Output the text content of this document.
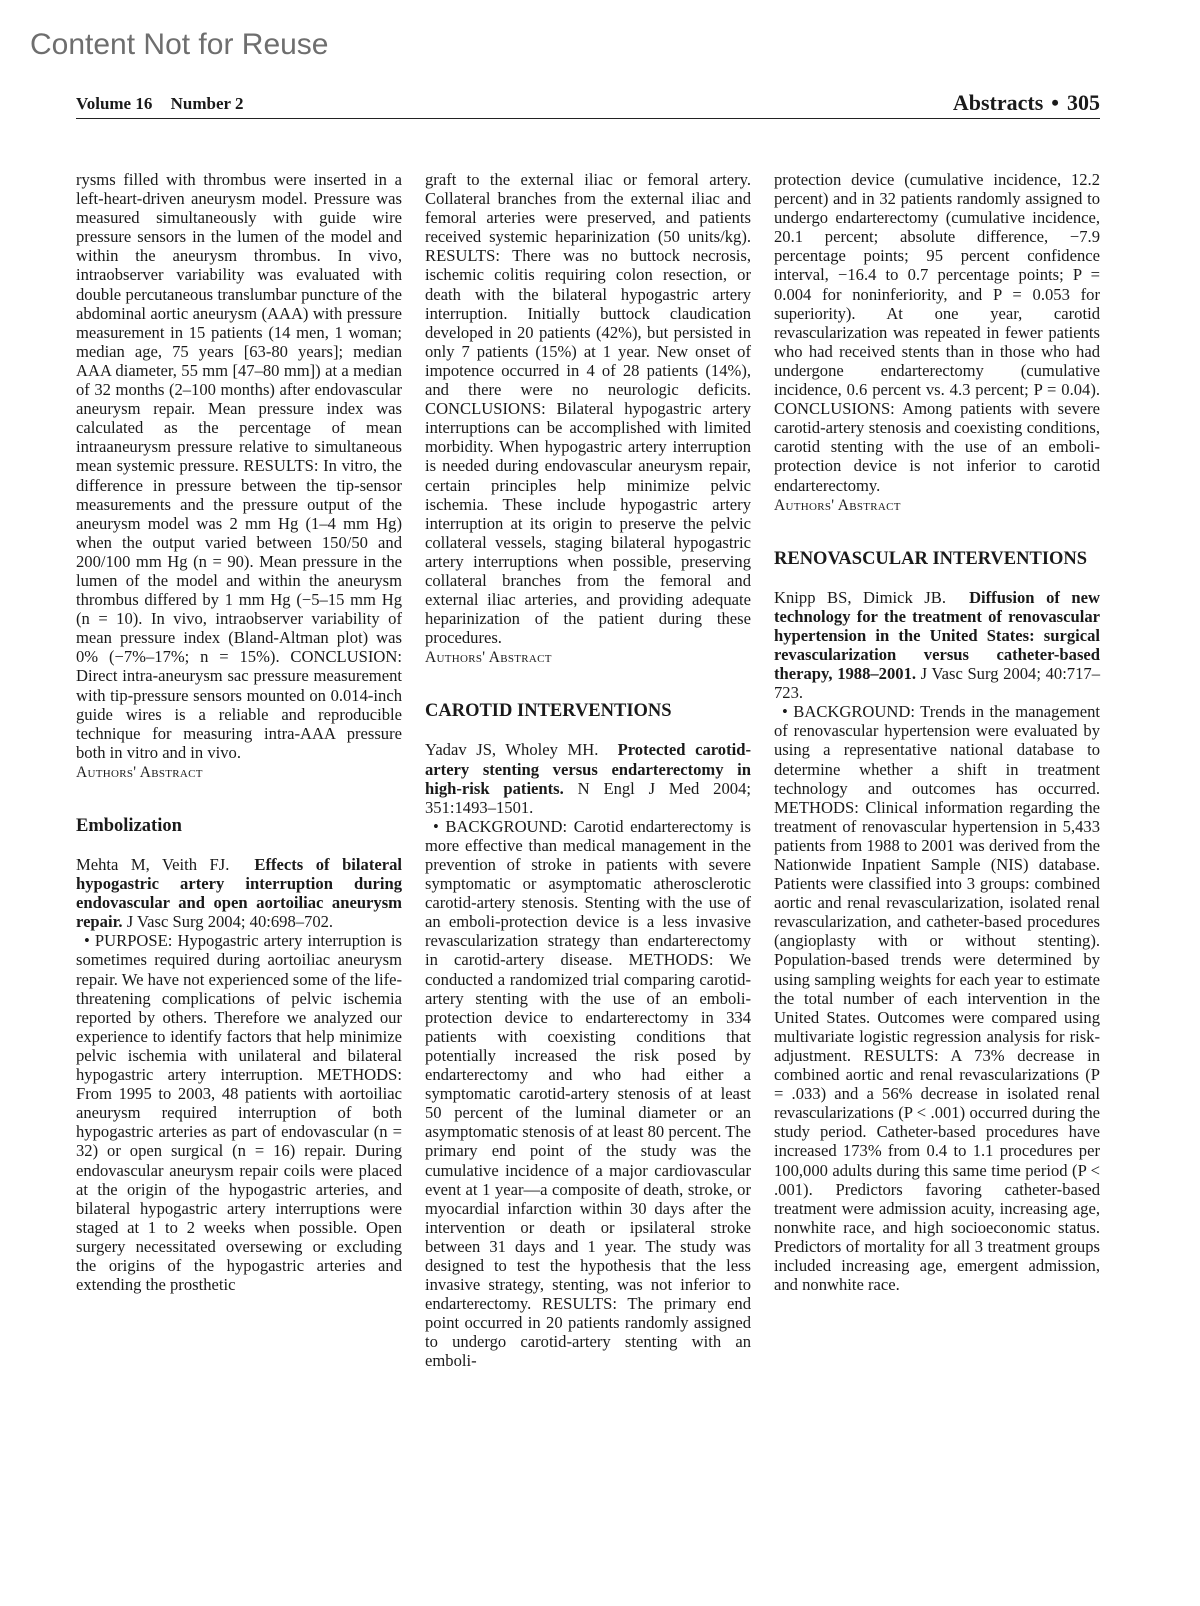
Content Not for Reuse
Volume 16 Number 2	Abstracts • 305

rysms filled with thrombus were inserted in a left-heart-driven aneurysm model. Pressure was measured simultaneously with guide wire pressure sensors in the lumen of the model and within the aneurysm thrombus. In vivo, intraobserver variability was evaluated with double percutaneous translumbar puncture of the abdominal aortic aneurysm (AAA) with pressure measurement in 15 patients (14 men, 1 woman; median age, 75 years [63-80 years]; median AAA diameter, 55 mm [47–80 mm]) at a median of 32 months (2–100 months) after endovascular aneurysm repair. Mean pressure index was calculated as the percentage of mean intraaneurysm pressure relative to simultaneous mean systemic pressure. RESULTS: In vitro, the difference in pressure between the tip-sensor measurements and the pressure output of the aneurysm model was 2 mm Hg (1–4 mm Hg) when the output varied between 150/50 and 200/100 mm Hg (n = 90). Mean pressure in the lumen of the model and within the aneurysm thrombus differed by 1 mm Hg (−5–15 mm Hg (n = 10). In vivo, intraobserver variability of mean pressure index (Bland-Altman plot) was 0% (−7%–17%; n = 15%). CONCLUSION: Direct intra-aneurysm sac pressure measurement with tip-pressure sensors mounted on 0.014-inch guide wires is a reliable and reproducible technique for measuring intra-AAA pressure both in vitro and in vivo.

Authors' Abstract

Embolization

Mehta M, Veith FJ. Effects of bilateral hypogastric artery interruption during endovascular and open aortoiliac aneurysm repair. J Vasc Surg 2004; 40:698–702.

• PURPOSE: Hypogastric artery interruption is sometimes required during aortoiliac aneurysm repair. We have not experienced some of the life-threatening complications of pelvic ischemia reported by others. Therefore we analyzed our experience to identify factors that help minimize pelvic ischemia with unilateral and bilateral hypogastric artery interruption. METHODS: From 1995 to 2003, 48 patients with aortoiliac aneurysm required interruption of both hypogastric arteries as part of endovascular (n = 32) or open surgical (n = 16) repair. During endovascular aneurysm repair coils were placed at the origin of the hypogastric arteries, and bilateral hypogastric artery interruptions were staged at 1 to 2 weeks when possible. Open surgery necessitated oversewing or excluding the origins of the hypogastric arteries and extending the prosthetic

graft to the external iliac or femoral artery. Collateral branches from the external iliac and femoral arteries were preserved, and patients received systemic heparinization (50 units/kg). RESULTS: There was no buttock necrosis, ischemic colitis requiring colon resection, or death with the bilateral hypogastric artery interruption. Initially buttock claudication developed in 20 patients (42%), but persisted in only 7 patients (15%) at 1 year. New onset of impotence occurred in 4 of 28 patients (14%), and there were no neurologic deficits. CONCLUSIONS: Bilateral hypogastric artery interruptions can be accomplished with limited morbidity. When hypogastric artery interruption is needed during endovascular aneurysm repair, certain principles help minimize pelvic ischemia. These include hypogastric artery interruption at its origin to preserve the pelvic collateral vessels, staging bilateral hypogastric artery interruptions when possible, preserving collateral branches from the femoral and external iliac arteries, and providing adequate heparinization of the patient during these procedures.

Authors' Abstract

CAROTID INTERVENTIONS

Yadav JS, Wholey MH. Protected carotid-artery stenting versus endarterectomy in high-risk patients. N Engl J Med 2004; 351:1493–1501.

• BACKGROUND: Carotid endarterectomy is more effective than medical management in the prevention of stroke in patients with severe symptomatic or asymptomatic atherosclerotic carotid-artery stenosis. Stenting with the use of an emboli-protection device is a less invasive revascularization strategy than endarterectomy in carotid-artery disease. METHODS: We conducted a randomized trial comparing carotid-artery stenting with the use of an emboli-protection device to endarterectomy in 334 patients with coexisting conditions that potentially increased the risk posed by endarterectomy and who had either a symptomatic carotid-artery stenosis of at least 50 percent of the luminal diameter or an asymptomatic stenosis of at least 80 percent. The primary end point of the study was the cumulative incidence of a major cardiovascular event at 1 year—a composite of death, stroke, or myocardial infarction within 30 days after the intervention or death or ipsilateral stroke between 31 days and 1 year. The study was designed to test the hypothesis that the less invasive strategy, stenting, was not inferior to endarterectomy. RESULTS: The primary end point occurred in 20 patients randomly assigned to undergo carotid-artery stenting with an emboli-

protection device (cumulative incidence, 12.2 percent) and in 32 patients randomly assigned to undergo endarterectomy (cumulative incidence, 20.1 percent; absolute difference, −7.9 percentage points; 95 percent confidence interval, −16.4 to 0.7 percentage points; P = 0.004 for noninferiority, and P = 0.053 for superiority). At one year, carotid revascularization was repeated in fewer patients who had received stents than in those who had undergone endarterectomy (cumulative incidence, 0.6 percent vs. 4.3 percent; P = 0.04). CONCLUSIONS: Among patients with severe carotid-artery stenosis and coexisting conditions, carotid stenting with the use of an emboli-protection device is not inferior to carotid endarterectomy.

Authors' Abstract

RENOVASCULAR INTERVENTIONS

Knipp BS, Dimick JB. Diffusion of new technology for the treatment of renovascular hypertension in the United States: surgical revascularization versus catheter-based therapy, 1988–2001. J Vasc Surg 2004; 40:717–723.

• BACKGROUND: Trends in the management of renovascular hypertension were evaluated by using a representative national database to determine whether a shift in treatment technology and outcomes has occurred. METHODS: Clinical information regarding the treatment of renovascular hypertension in 5,433 patients from 1988 to 2001 was derived from the Nationwide Inpatient Sample (NIS) database. Patients were classified into 3 groups: combined aortic and renal revascularization, isolated renal revascularization, and catheter-based procedures (angioplasty with or without stenting). Population-based trends were determined by using sampling weights for each year to estimate the total number of each intervention in the United States. Outcomes were compared using multivariate logistic regression analysis for risk-adjustment. RESULTS: A 73% decrease in combined aortic and renal revascularizations (P = .033) and a 56% decrease in isolated renal revascularizations (P < .001) occurred during the study period. Catheter-based procedures have increased 173% from 0.4 to 1.1 procedures per 100,000 adults during this same time period (P < .001). Predictors favoring catheter-based treatment were admission acuity, increasing age, nonwhite race, and high socioeconomic status. Predictors of mortality for all 3 treatment groups included increasing age, emergent admission, and nonwhite race.
